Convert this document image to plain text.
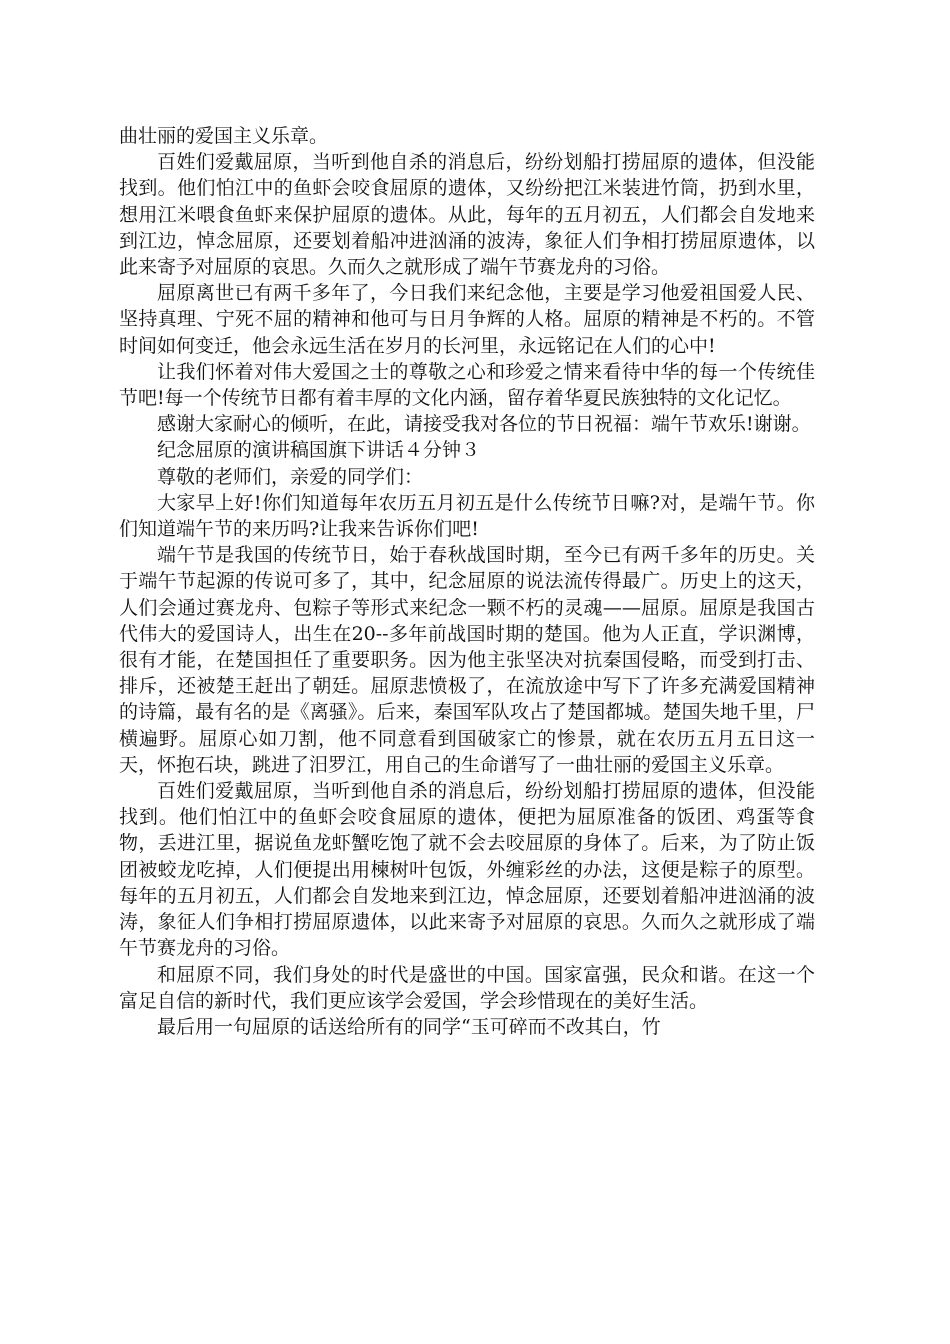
曲壮丽的爱国主义乐章。

百姓们爱戴屈原，当听到他自杀的消息后，纷纷划船打捞屈原的遗体，但没能找到。他们怕江中的鱼虾会咬食屈原的遗体，又纷纷把江米装进竹筒，扔到水里，想用江米喂食鱼虾来保护屈原的遗体。从此，每年的五月初五，人们都会自发地来到江边，悼念屈原，还要划着船冲进汹涌的波涛，象征人们争相打捞屈原遗体，以此来寄予对屈原的哀思。久而久之就形成了端午节赛龙舟的习俗。

屈原离世已有两千多年了，今日我们来纪念他，主要是学习他爱祖国爱人民、坚持真理、宁死不屈的精神和他可与日月争辉的人格。屈原的精神是不朽的。不管时间如何变迁，他会永远生活在岁月的长河里，永远铭记在人们的心中!

让我们怀着对伟大爱国之士的尊敬之心和珍爱之情来看待中华的每一个传统佳节吧!每一个传统节日都有着丰厚的文化内涵，留存着华夏民族独特的文化记忆。

感谢大家耐心的倾听，在此，请接受我对各位的节日祝福：端午节欢乐!谢谢。

纪念屈原的演讲稿国旗下讲话４分钟３

尊敬的老师们，亲爱的同学们：

大家早上好!你们知道每年农历五月初五是什么传统节日嘛?对，是端午节。你们知道端午节的来历吗?让我来告诉你们吧!

端午节是我国的传统节日，始于春秋战国时期，至今已有两千多年的历史。关于端午节起源的传说可多了，其中，纪念屈原的说法流传得最广。历史上的这天，人们会通过赛龙舟、包粽子等形式来纪念一颗不朽的灵魂——屈原。屈原是我国古代伟大的爱国诗人，出生在20--多年前战国时期的楚国。他为人正直，学识渊博，很有才能，在楚国担任了重要职务。因为他主张坚决对抗秦国侵略，而受到打击、排斥，还被楚王赶出了朝廷。屈原悲愤极了，在流放途中写下了许多充满爱国精神的诗篇，最有名的是《离骚》。后来，秦国军队攻占了楚国都城。楚国失地千里，尸横遍野。屈原心如刀割，他不同意看到国破家亡的惨景，就在农历五月五日这一天，怀抱石块，跳进了汨罗江，用自己的生命谱写了一曲壮丽的爱国主义乐章。

百姓们爱戴屈原，当听到他自杀的消息后，纷纷划船打捞屈原的遗体，但没能找到。他们怕江中的鱼虾会咬食屈原的遗体，便把为屈原准备的饭团、鸡蛋等食物，丢进江里，据说鱼龙虾蟹吃饱了就不会去咬屈原的身体了。后来，为了防止饭团被蛟龙吃掉，人们便提出用楝树叶包饭，外缠彩丝的办法，这便是粽子的原型。每年的五月初五，人们都会自发地来到江边，悼念屈原，还要划着船冲进汹涌的波涛，象征人们争相打捞屈原遗体，以此来寄予对屈原的哀思。久而久之就形成了端午节赛龙舟的习俗。

和屈原不同，我们身处的时代是盛世的中国。国家富强，民众和谐。在这一个富足自信的新时代，我们更应该学会爱国，学会珍惜现在的美好生活。

最后用一句屈原的话送给所有的同学“玉可碎而不改其白，竹
